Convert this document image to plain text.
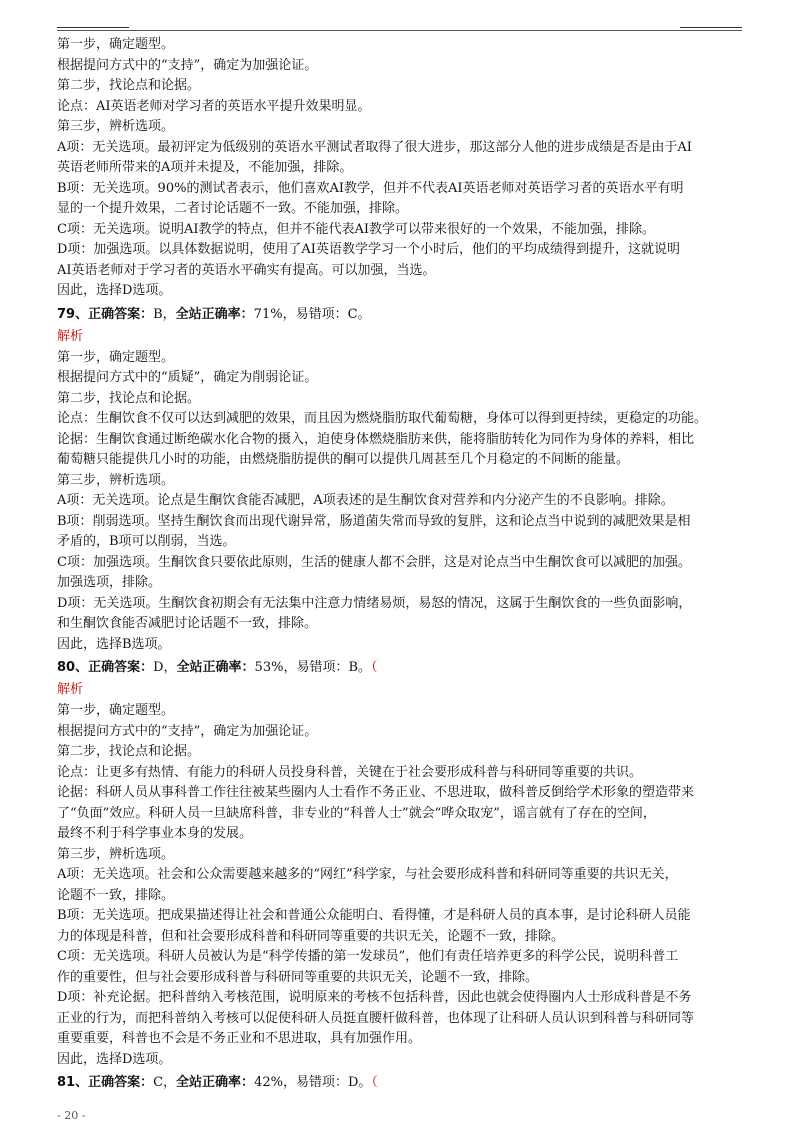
第一步，确定题型。
根据提问方式中的“支持”，确定为加强论证。
第二步，找论点和论据。
论点：AI英语老师对学习者的英语水平提升效果明显。
第三步，辨析选项。
A项：无关选项。最初评定为低级别的英语水平测试者取得了很大进步，那这部分人他的进步成绩是否是由于AI
英语老师所带来的A项并未提及，不能加强，排除。
B项：无关选项。90%的测试者表示，他们喜欢AI教学，但并不代表AI英语老师对英语学习者的英语水平有明
显的一个提升效果，二者讨论话题不一致。不能加强，排除。
C项：无关选项。说明AI教学的特点，但并不能代表AI教学可以带来很好的一个效果，不能加强，排除。
D项：加强选项。以具体数据说明，使用了AI英语教学学习一个小时后，他们的平均成绩得到提升，这就说明
AI英语老师对于学习者的英语水平确实有提高。可以加强，当选。
因此，选择D选项。
79、正确答案：B，全站正确率：71%，易错项：C。
解析
第一步，确定题型。
根据提问方式中的“质疑”，确定为削弱论证。
第二步，找论点和论据。
论点：生酮饮食不仅可以达到减肥的效果，而且因为燃烧脂肪取代葡萄糖，身体可以得到更持续，更稳定的功能。
论据：生酮饮食通过断绝碳水化合物的摄入，迫使身体燃烧脂肪来供，能将脂肪转化为同作为身体的养料，相比
葡萄糖只能提供几小时的功能，由燃烧脂肪提供的酮可以提供几周甚至几个月稳定的不间断的能量。
第三步，辨析选项。
A项：无关选项。论点是生酮饮食能否减肥，A项表述的是生酮饮食对营养和内分泌产生的不良影响。排除。
B项：削弱选项。坚持生酮饮食而出现代谢异常，肠道菌失常而导致的复胖，这和论点当中说到的减肥效果是相
矛盾的，B项可以削弱，当选。
C项：加强选项。生酮饮食只要依此原则，生活的健康人都不会胖，这是对论点当中生酮饮食可以减肥的加强。
加强选项，排除。
D项：无关选项。生酮饮食初期会有无法集中注意力情绪易烦，易怒的情况，这属于生酮饮食的一些负面影响，
和生酮饮食能否减肥讨论话题不一致，排除。
因此，选择B选项。
80、正确答案：D，全站正确率：53%，易错项：B。（
解析
第一步，确定题型。
根据提问方式中的“支持”，确定为加强论证。
第二步，找论点和论据。
论点：让更多有热情、有能力的科研人员投身科普，关键在于社会要形成科普与科研同等重要的共识。
论据：科研人员从事科普工作往往被某些圈内人士看作不务正业、不思进取，做科普反倒给学术形象的塑造带来
了“负面”效应。科研人员一旦缺席科普，非专业的“科普人士”就会“哗众取宠”，谣言就有了存在的空间，
最终不利于科学事业本身的发展。
第三步，辨析选项。
A项：无关选项。社会和公众需要越来越多的“网红”科学家，与社会要形成科普和科研同等重要的共识无关，
论题不一致，排除。
B项：无关选项。把成果描述得让社会和普通公众能明白、看得懂，才是科研人员的真本事，是讨论科研人员能
力的体现是科普，但和社会要形成科普和科研同等重要的共识无关，论题不一致，排除。
C项：无关选项。科研人员被认为是“科学传播的第一发球员”，他们有责任培养更多的科学公民，说明科普工
作的重要性，但与社会要形成科普与科研同等重要的共识无关，论题不一致，排除。
D项：补充论据。把科普纳入考核范围，说明原来的考核不包括科普，因此也就会使得圈内人士形成科普是不务
正业的行为，而把科普纳入考核可以促使科研人员挺直腰杆做科普，也体现了让科研人员认识到科普与科研同等
重要重要，科普也不会是不务正业和不思进取，具有加强作用。
因此，选择D选项。
81、正确答案：C，全站正确率：42%，易错项：D。（
- 20 -
